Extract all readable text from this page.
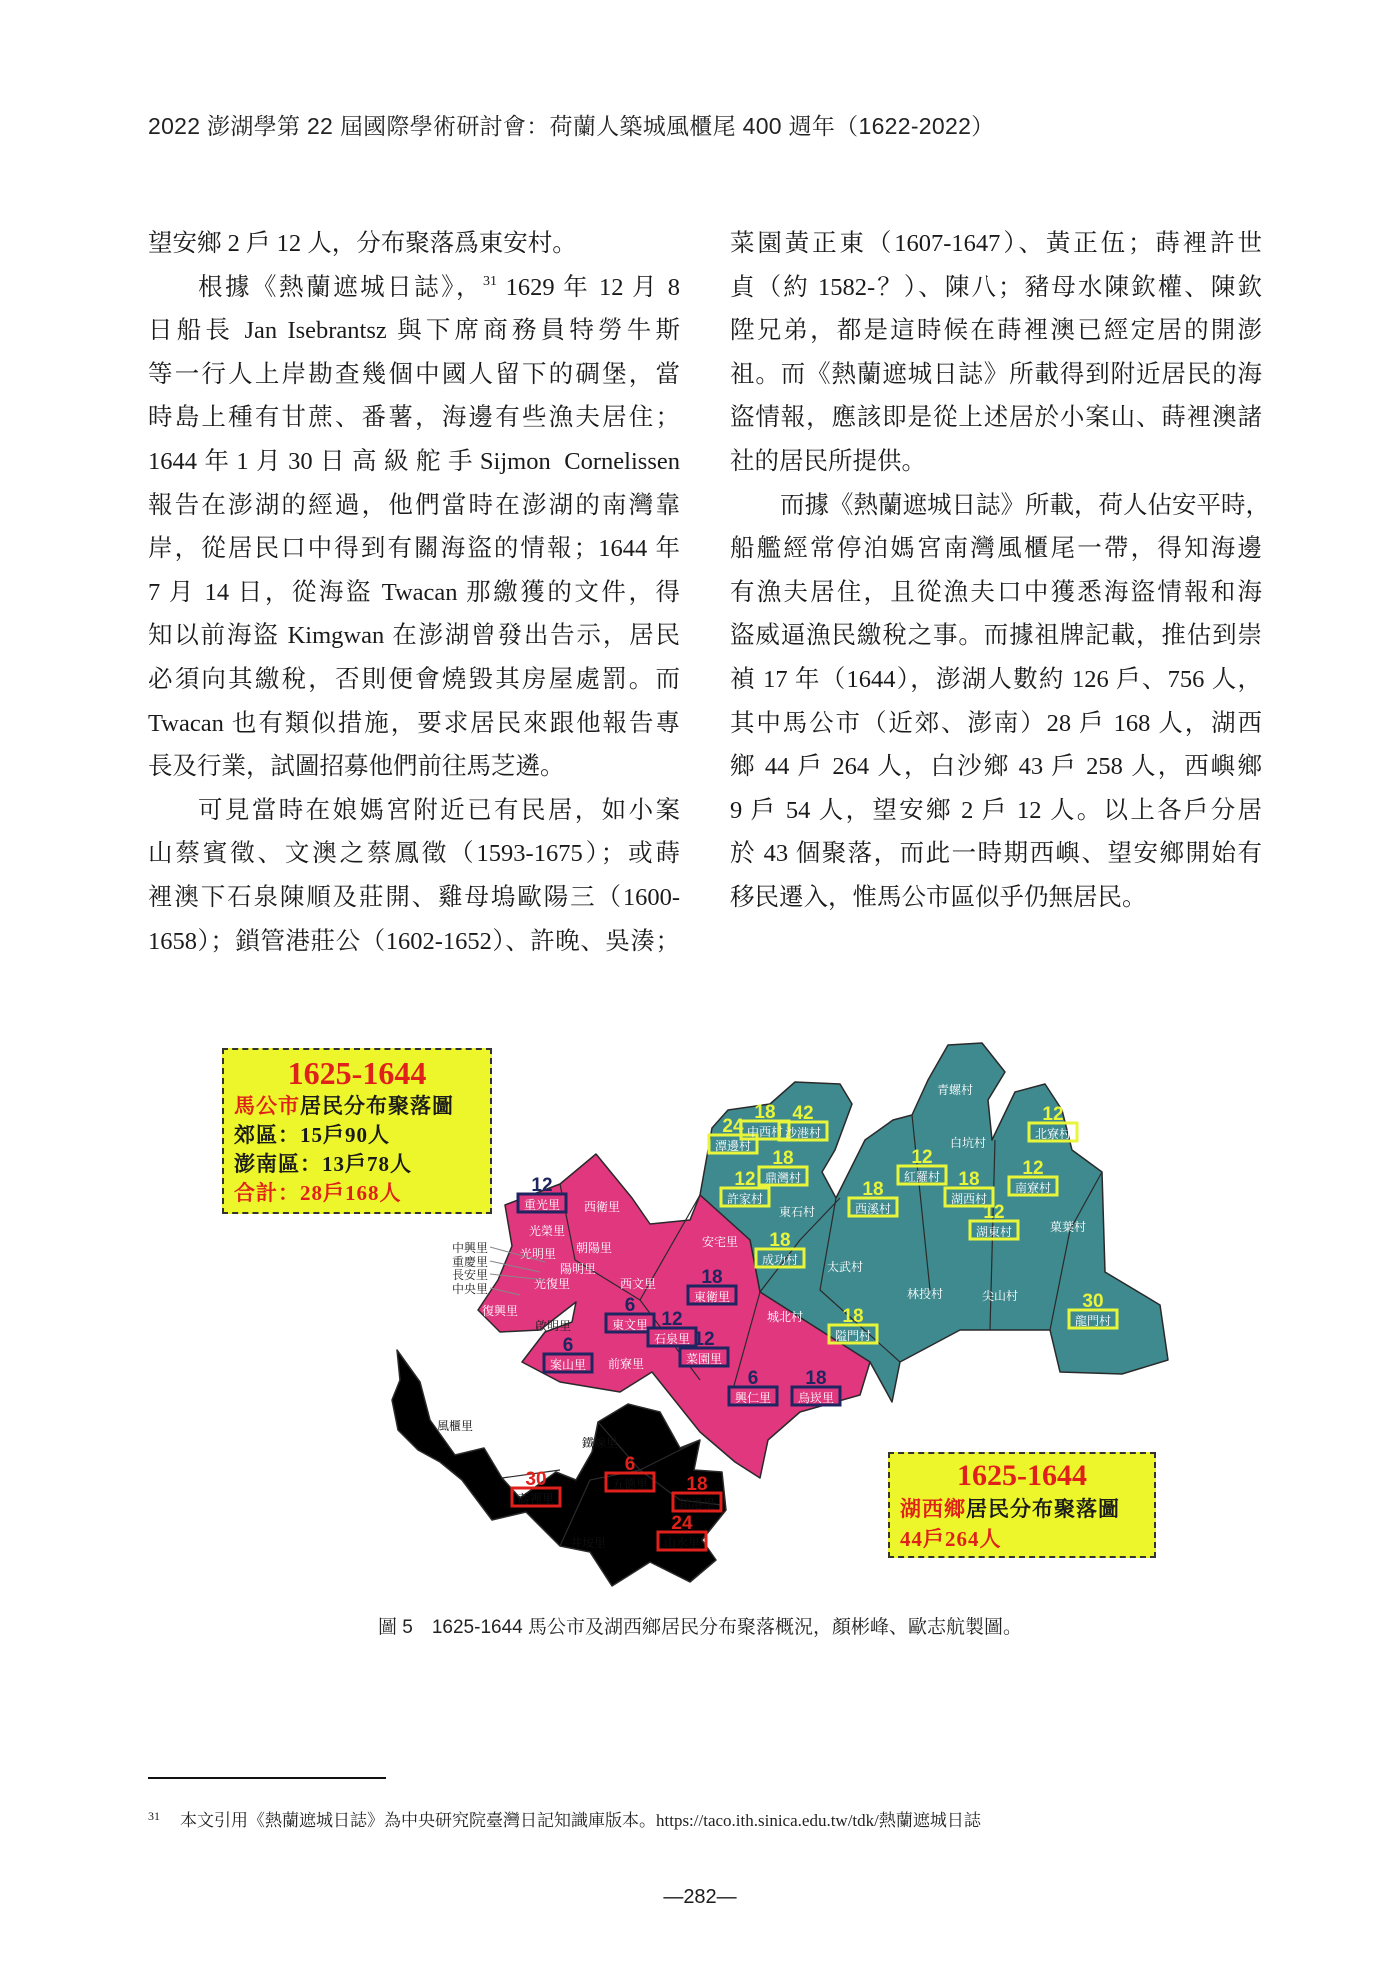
2022 澎湖學第 22 屆國際學術研討會：荷蘭人築城風櫃尾 400 週年（1622-2022）
望安鄉 2 戶 12 人，分布聚落爲東安村。
根據《熱蘭遮城日誌》，$^{31}$ 1629 年 12 月 8
日船長 Jan Isebrantsz 與下席商務員特勞牛斯
等一行人上岸勘查幾個中國人留下的碉堡，當
時島上種有甘蔗、番薯，海邊有些漁夫居住；
1644年1月30日高級舵手Sijmon Cornelissen
報告在澎湖的經過，他們當時在澎湖的南灣靠
岸，從居民口中得到有關海盜的情報；1644 年
7 月 14 日，從海盜 Twacan 那繳獲的文件，得
知以前海盜 Kimgwan 在澎湖曾發出告示，居民
必須向其繳稅，否則便會燒毀其房屋處罰。而
Twacan 也有類似措施，要求居民來跟他報告專
長及行業，試圖招募他們前往馬芝遴。
可見當時在娘媽宮附近已有民居，如小案
山蔡賓徵、文澳之蔡鳳徵（1593-1675）；或蒔
裡澳下石泉陳順及莊開、雞母塢歐陽三（1600-
1658）；鎖管港莊公（1602-1652）、許晚、吳湊；
菜園黃正東（1607-1647）、黃正伍；蒔裡許世
貞（約 1582-？）、陳八；豬母水陳欽權、陳欽
陞兄弟，都是這時候在蒔裡澳已經定居的開澎
祖。而《熱蘭遮城日誌》所載得到附近居民的海
盜情報，應該即是從上述居於小案山、蒔裡澳諸
社的居民所提供。
而據《熱蘭遮城日誌》所載，荷人佔安平時，
船艦經常停泊媽宮南灣風櫃尾一帶，得知海邊
有漁夫居住，且從漁夫口中獲悉海盜情報和海
盜威逼漁民繳稅之事。而據祖牌記載，推估到崇
禎 17 年（1644），澎湖人數約 126 戶、756 人，
其中馬公市（近郊、澎南）28 戶 168 人，湖西
鄉 44 戶 264 人，白沙鄉 43 戶 258 人，西嶼鄉
9 戶 54 人，望安鄉 2 戶 12 人。以上各戶分居
於 43 個聚落，而此一時期西嶼、望安鄉開始有
移民遷入，惟馬公市區似乎仍無居民。
12
重光里
6
東文里 12
石泉里 12
菜園里
6
案山里
18
東衛里
6
興仁里
18
烏崁里
西衛里
光榮里
朝陽里
光明里
陽明里
光復里	西文里
復興里
安宅里
前寮里
中興里
重慶里
長安里
中央里
啟明里
24
潭邊村
18
中西村
42
沙港村
18
鼎灣村
12
許家村
18
成功村
18
西溪村
12
紅羅村 18
湖西村
12
湖東村
12
南寮村
12
北寮村
30
龍門村
18
隘門村
青螺村
白坑村
東石村
太武村
林投村	尖山村
菓葉村
城北村
30
蒔裡里
6
五德里 18
鎖港里
24
山水里
風櫃里
鐵線里
井垵里
1625-1644
馬公市居民分布聚落圖
郊區：15戶90人
澎南區：13戶78人
合計：28戶168人
1625-1644
湖西鄉居民分布聚落圖
44戶264人
圖 5　1625-1644 馬公市及湖西鄉居民分布聚落概況，顏彬峰、歐志航製圖。
$^{31}$ 本文引用《熱蘭遮城日誌》為中央研究院臺灣日記知識庫版本。https://taco.ith.sinica.edu.tw/tdk/熱蘭遮城日誌
—282—
